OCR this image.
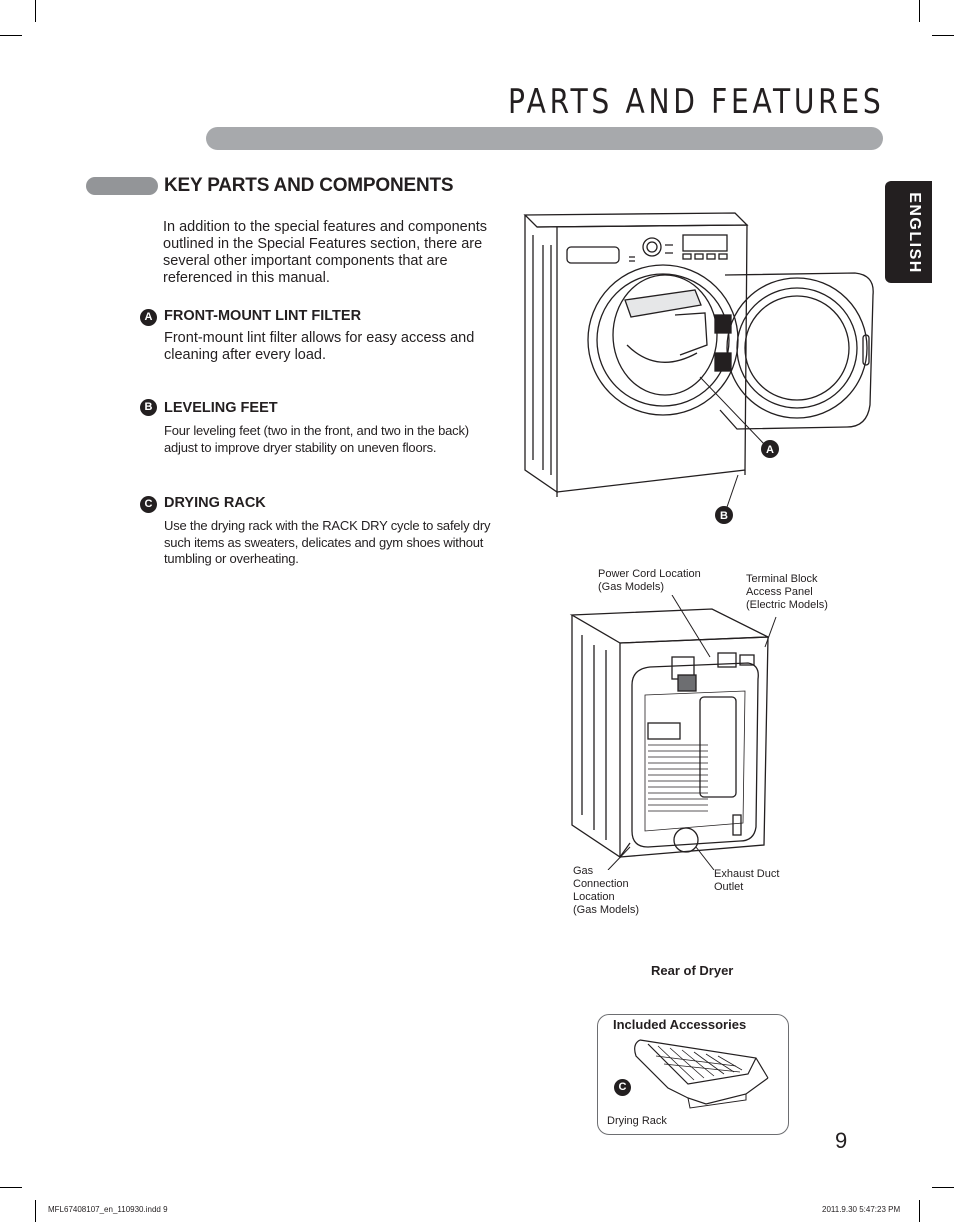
PARTS AND FEATURES
ENGLISH
KEY PARTS AND COMPONENTS
In addition to the special features and components outlined in the Special Features section, there are several other important components that are referenced in this manual.
A FRONT-MOUNT LINT FILTER
Front-mount lint filter allows for easy access and cleaning after every load.
B LEVELING FEET
Four leveling feet (two in the front, and two in the back) adjust to improve dryer stability on uneven floors.
C DRYING RACK
Use the drying rack with the RACK DRY cycle to safely dry such items as sweaters, delicates and gym shoes without tumbling or overheating.
A
B
Power Cord Location
(Gas Models)
Terminal Block
Access Panel
(Electric Models)
Gas
Connection
Location
(Gas Models)
Exhaust Duct
Outlet
Rear of Dryer
Included Accessories
C
Drying Rack
9
MFL67408107_en_110930.indd 9	2011.9.30 5:47:23 PM
